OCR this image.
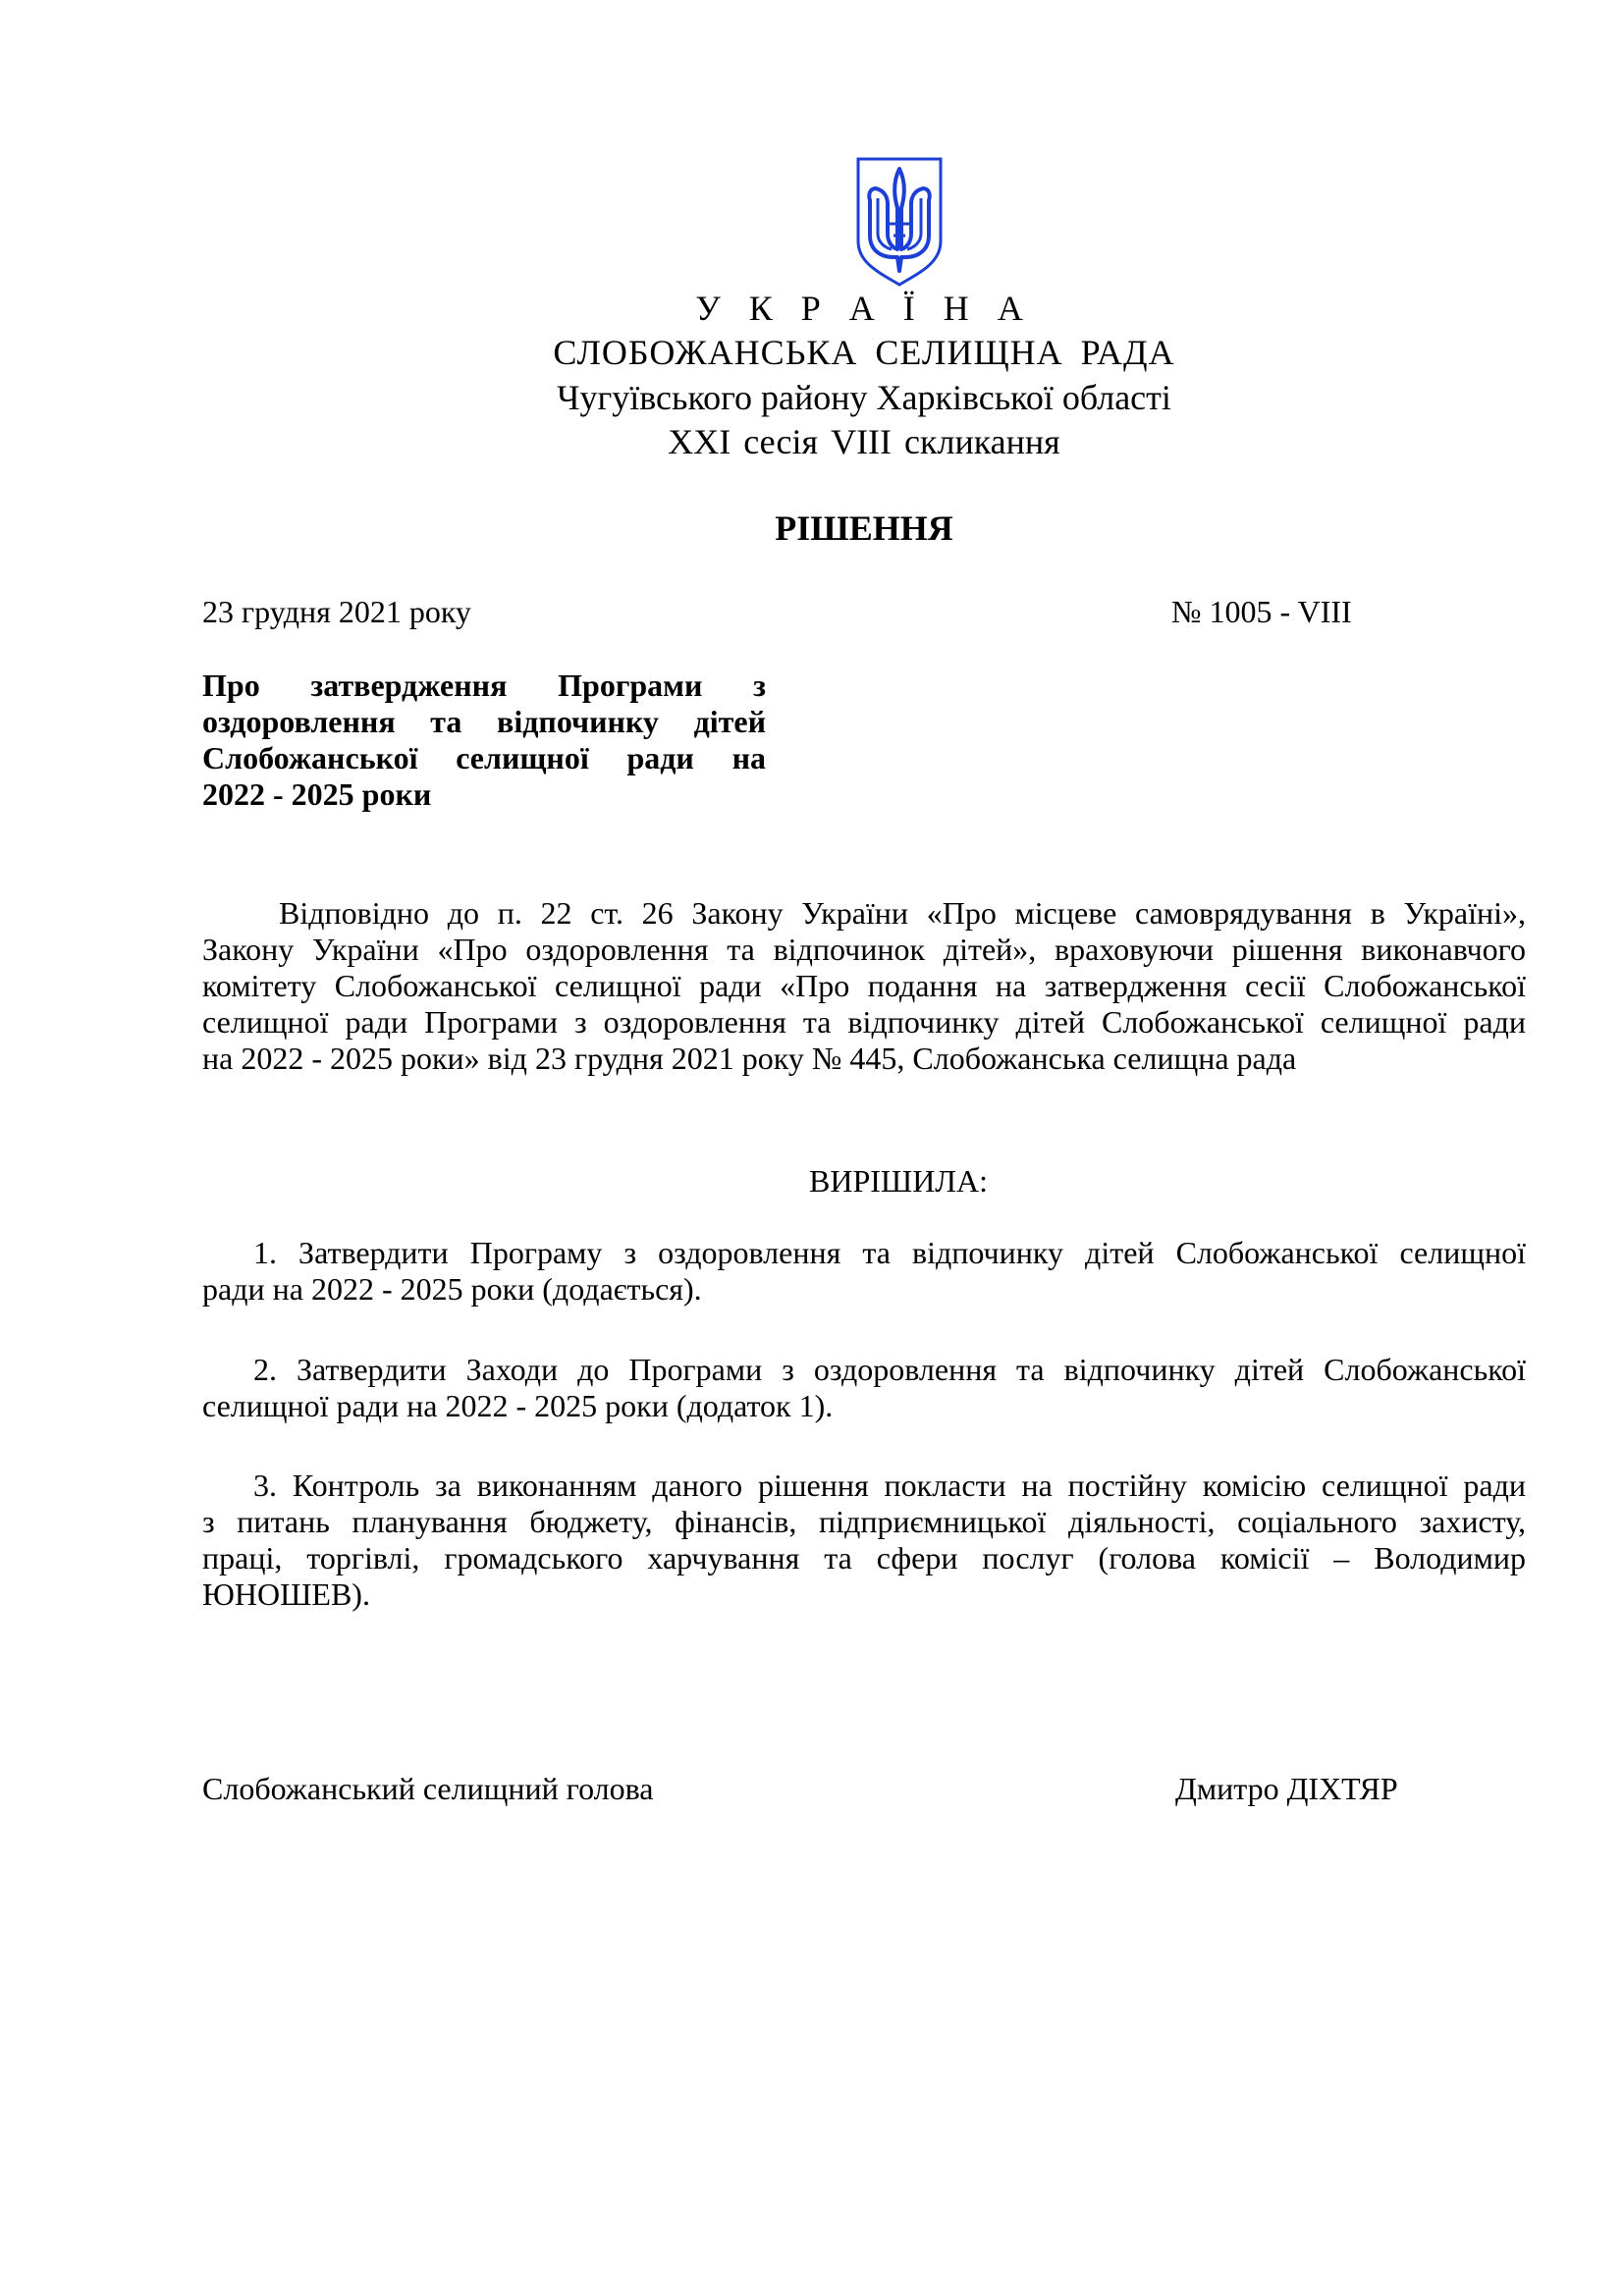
У К Р А Ї Н А
СЛОБОЖАНСЬКА СЕЛИЩНА РАДА
Чугуївського району Харківської області
XXI сесія VIII скликання
РІШЕННЯ
23 грудня 2021 року	№ 1005 - VIII
Про затвердження Програми з
оздоровлення та відпочинку дітей
Слобожанської селищної ради на
2022 - 2025 роки
Відповідно до п. 22 ст. 26 Закону України «Про місцеве самоврядування в Україні»,
Закону України «Про оздоровлення та відпочинок дітей», враховуючи рішення виконавчого
комітету Слобожанської селищної ради «Про подання на затвердження сесії Слобожанської
селищної ради Програми з оздоровлення та відпочинку дітей Слобожанської селищної ради
на 2022 - 2025 роки» від 23 грудня 2021 року № 445, Слобожанська селищна рада
ВИРІШИЛА:
1. Затвердити Програму з оздоровлення та відпочинку дітей Слобожанської селищної
ради на 2022 - 2025 роки (додається).
2. Затвердити Заходи до Програми з оздоровлення та відпочинку дітей Слобожанської
селищної ради на 2022 - 2025 роки (додаток 1).
3. Контроль за виконанням даного рішення покласти на постійну комісію селищної ради
з питань планування бюджету, фінансів, підприємницької діяльності, соціального захисту,
праці, торгівлі, громадського харчування та сфери послуг (голова комісії – Володимир
ЮНОШЕВ).
Слобожанський селищний голова	Дмитро ДІХТЯР
